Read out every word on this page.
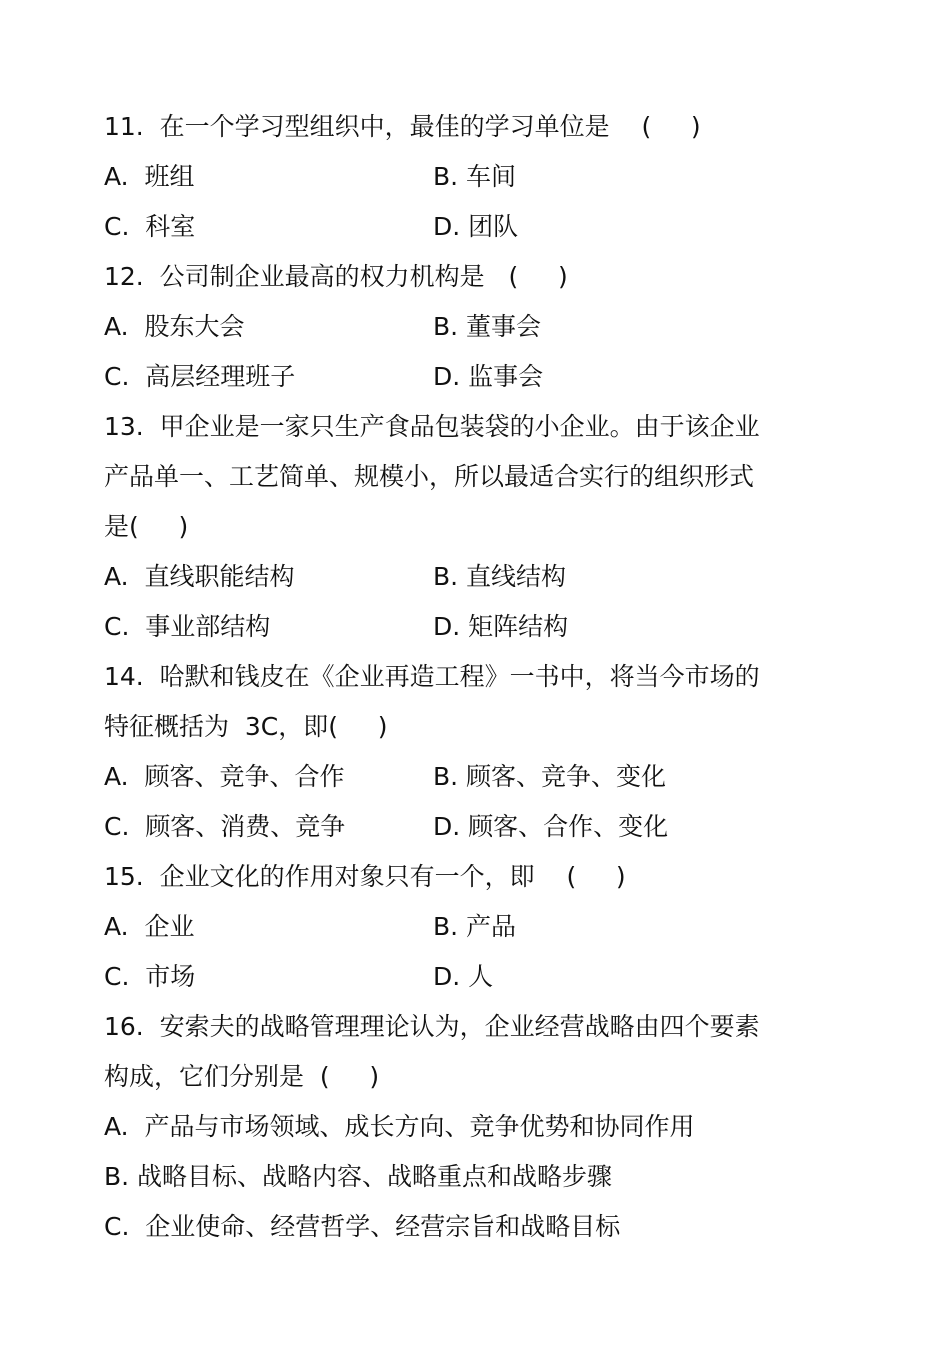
11.  在一个学习型组织中，最佳的学习单位是    (     )
A.  班组	B. 车间
C.  科室	D. 团队
12.  公司制企业最高的权力机构是   (     )
A.  股东大会	B. 董事会
C.  高层经理班子	D. 监事会
13.  甲企业是一家只生产食品包装袋的小企业。由于该企业
产品单一、工艺简单、规模小，所以最适合实行的组织形式
是(     )
A.  直线职能结构	B. 直线结构
C.  事业部结构	D. 矩阵结构
14.  哈默和钱皮在《企业再造工程》一书中，将当今市场的
特征概括为  3C，即(     )
A.  顾客、竞争、合作	B. 顾客、竞争、变化
C.  顾客、消费、竞争	D. 顾客、合作、变化
15.  企业文化的作用对象只有一个，即    (     )
A.  企业	B. 产品
C.  市场	D. 人
16.  安索夫的战略管理理论认为，企业经营战略由四个要素
构成，它们分别是  (     )
A.  产品与市场领域、成长方向、竞争优势和协同作用
B. 战略目标、战略内容、战略重点和战略步骤
C.  企业使命、经营哲学、经营宗旨和战略目标
